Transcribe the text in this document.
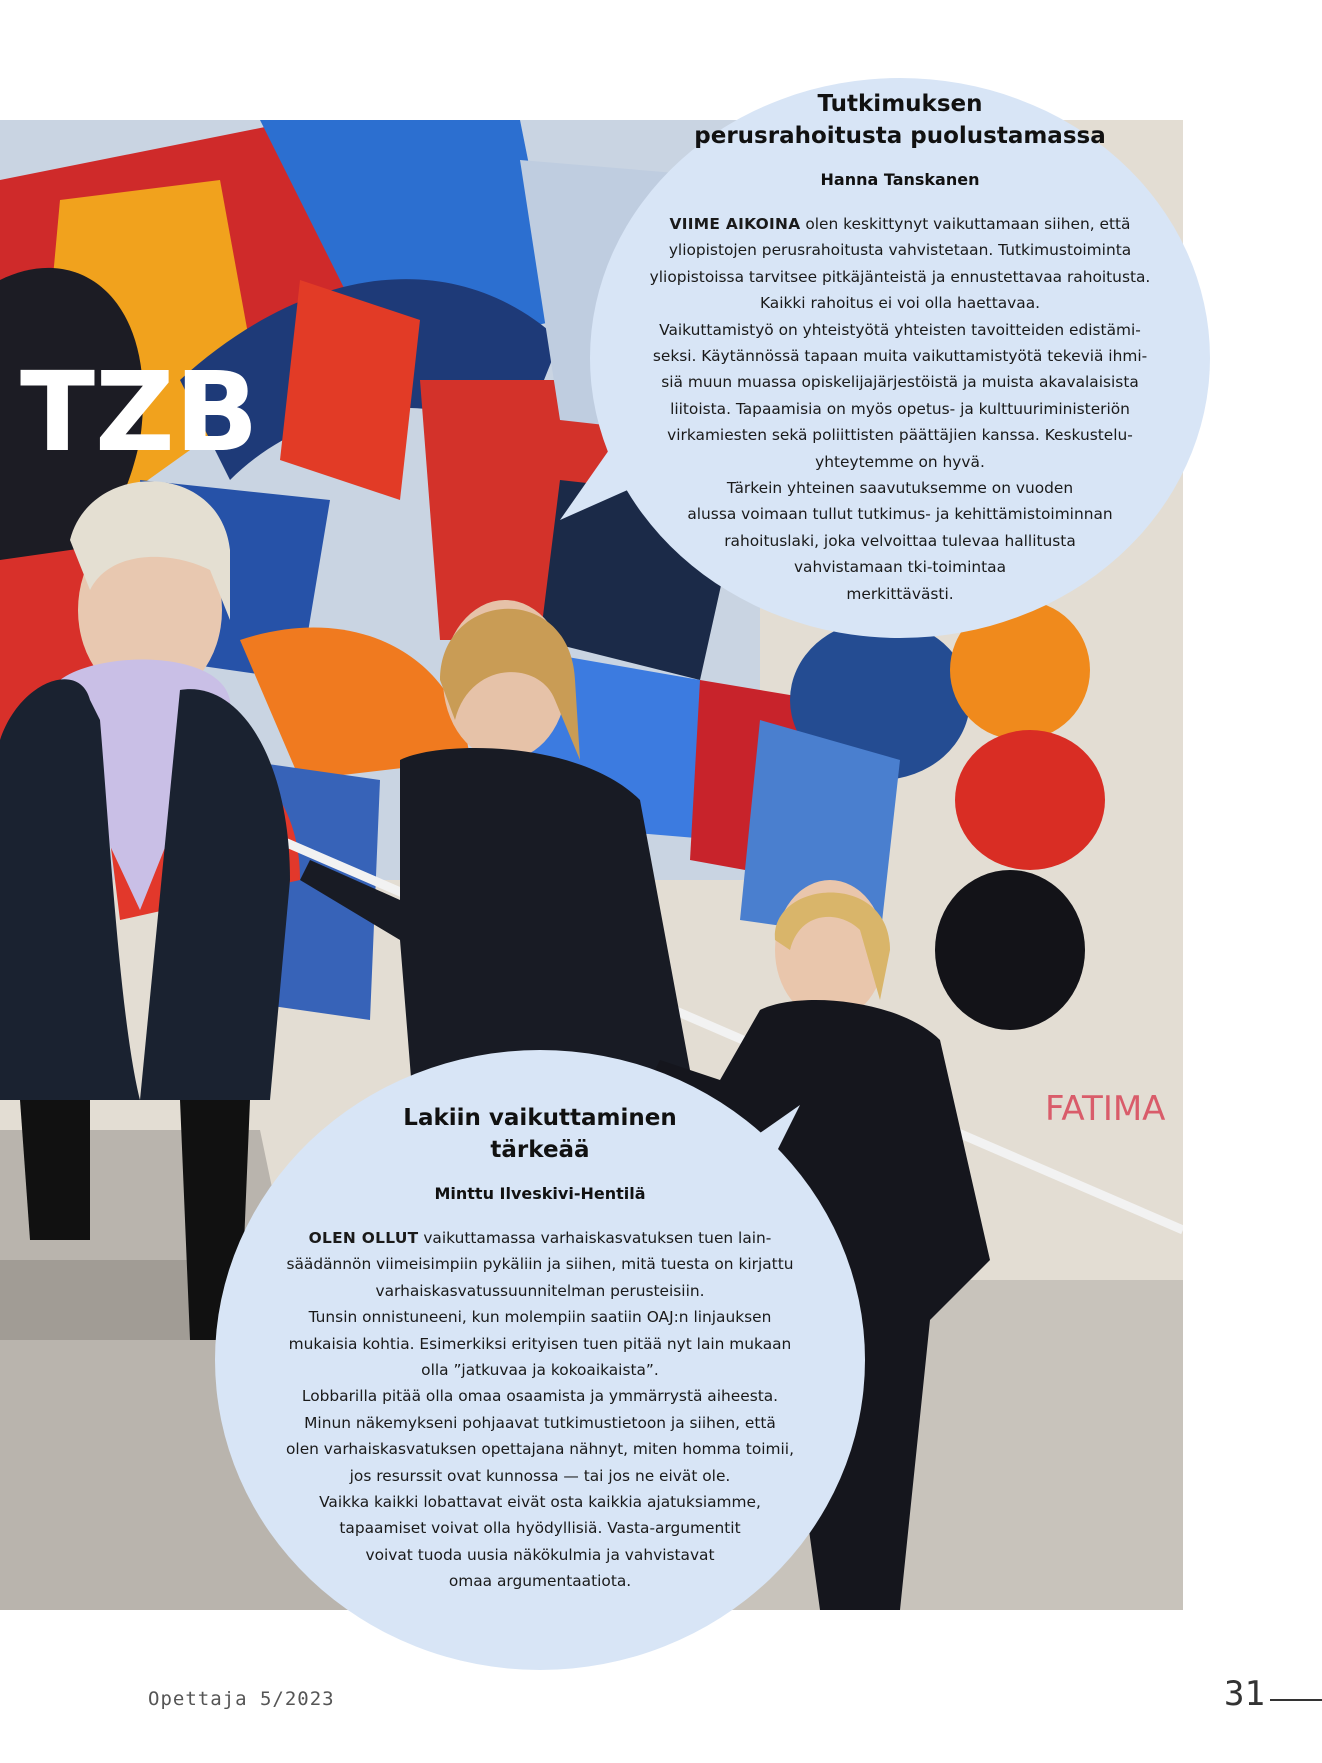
TZB
FATIMA
Tutkimuksen
perusrahoitusta puolustamassa
Hanna Tanskanen
VIIME AIKOINA olen keskittynyt vaikuttamaan siihen, että
yliopistojen perusrahoitusta vahvistetaan. Tutkimustoiminta
yliopistoissa tarvitsee pitkäjänteistä ja ennustettavaa rahoitusta.
Kaikki rahoitus ei voi olla haettavaa.
Vaikuttamistyö on yhteistyötä yhteisten tavoitteiden edistämi-
seksi. Käytännössä tapaan muita vaikuttamistyötä tekeviä ihmi-
siä muun muassa opiskelijajärjestöistä ja muista akavalaisista
liitoista. Tapaamisia on myös opetus- ja kulttuuriministeriön
virkamiesten sekä poliittisten päättäjien kanssa. Keskustelu-
yhteytemme on hyvä.
Tärkein yhteinen saavutuksemme on vuoden
alussa voimaan tullut tutkimus- ja kehittämistoiminnan
rahoituslaki, joka velvoittaa tulevaa hallitusta
vahvistamaan tki-toimintaa
merkittävästi.
Lakiin vaikuttaminen
tärkeää
Minttu Ilveskivi-Hentilä
OLEN OLLUT vaikuttamassa varhaiskasvatuksen tuen lain-
säädännön viimeisimpiin pykäliin ja siihen, mitä tuesta on kirjattu
varhaiskasvatussuunnitelman perusteisiin.
Tunsin onnistuneeni, kun molempiin saatiin OAJ:n linjauksen
mukaisia kohtia. Esimerkiksi erityisen tuen pitää nyt lain mukaan
olla ”jatkuvaa ja kokoaikaista”.
Lobbarilla pitää olla omaa osaamista ja ymmärrystä aiheesta.
Minun näkemykseni pohjaavat tutkimustietoon ja siihen, että
olen varhaiskasvatuksen opettajana nähnyt, miten homma toimii,
jos resurssit ovat kunnossa — tai jos ne eivät ole.
Vaikka kaikki lobattavat eivät osta kaikkia ajatuksiamme,
tapaamiset voivat olla hyödyllisiä. Vasta-argumentit
voivat tuoda uusia näkökulmia ja vahvistavat
omaa argumentaatiota.
Opettaja 5/2023	31
